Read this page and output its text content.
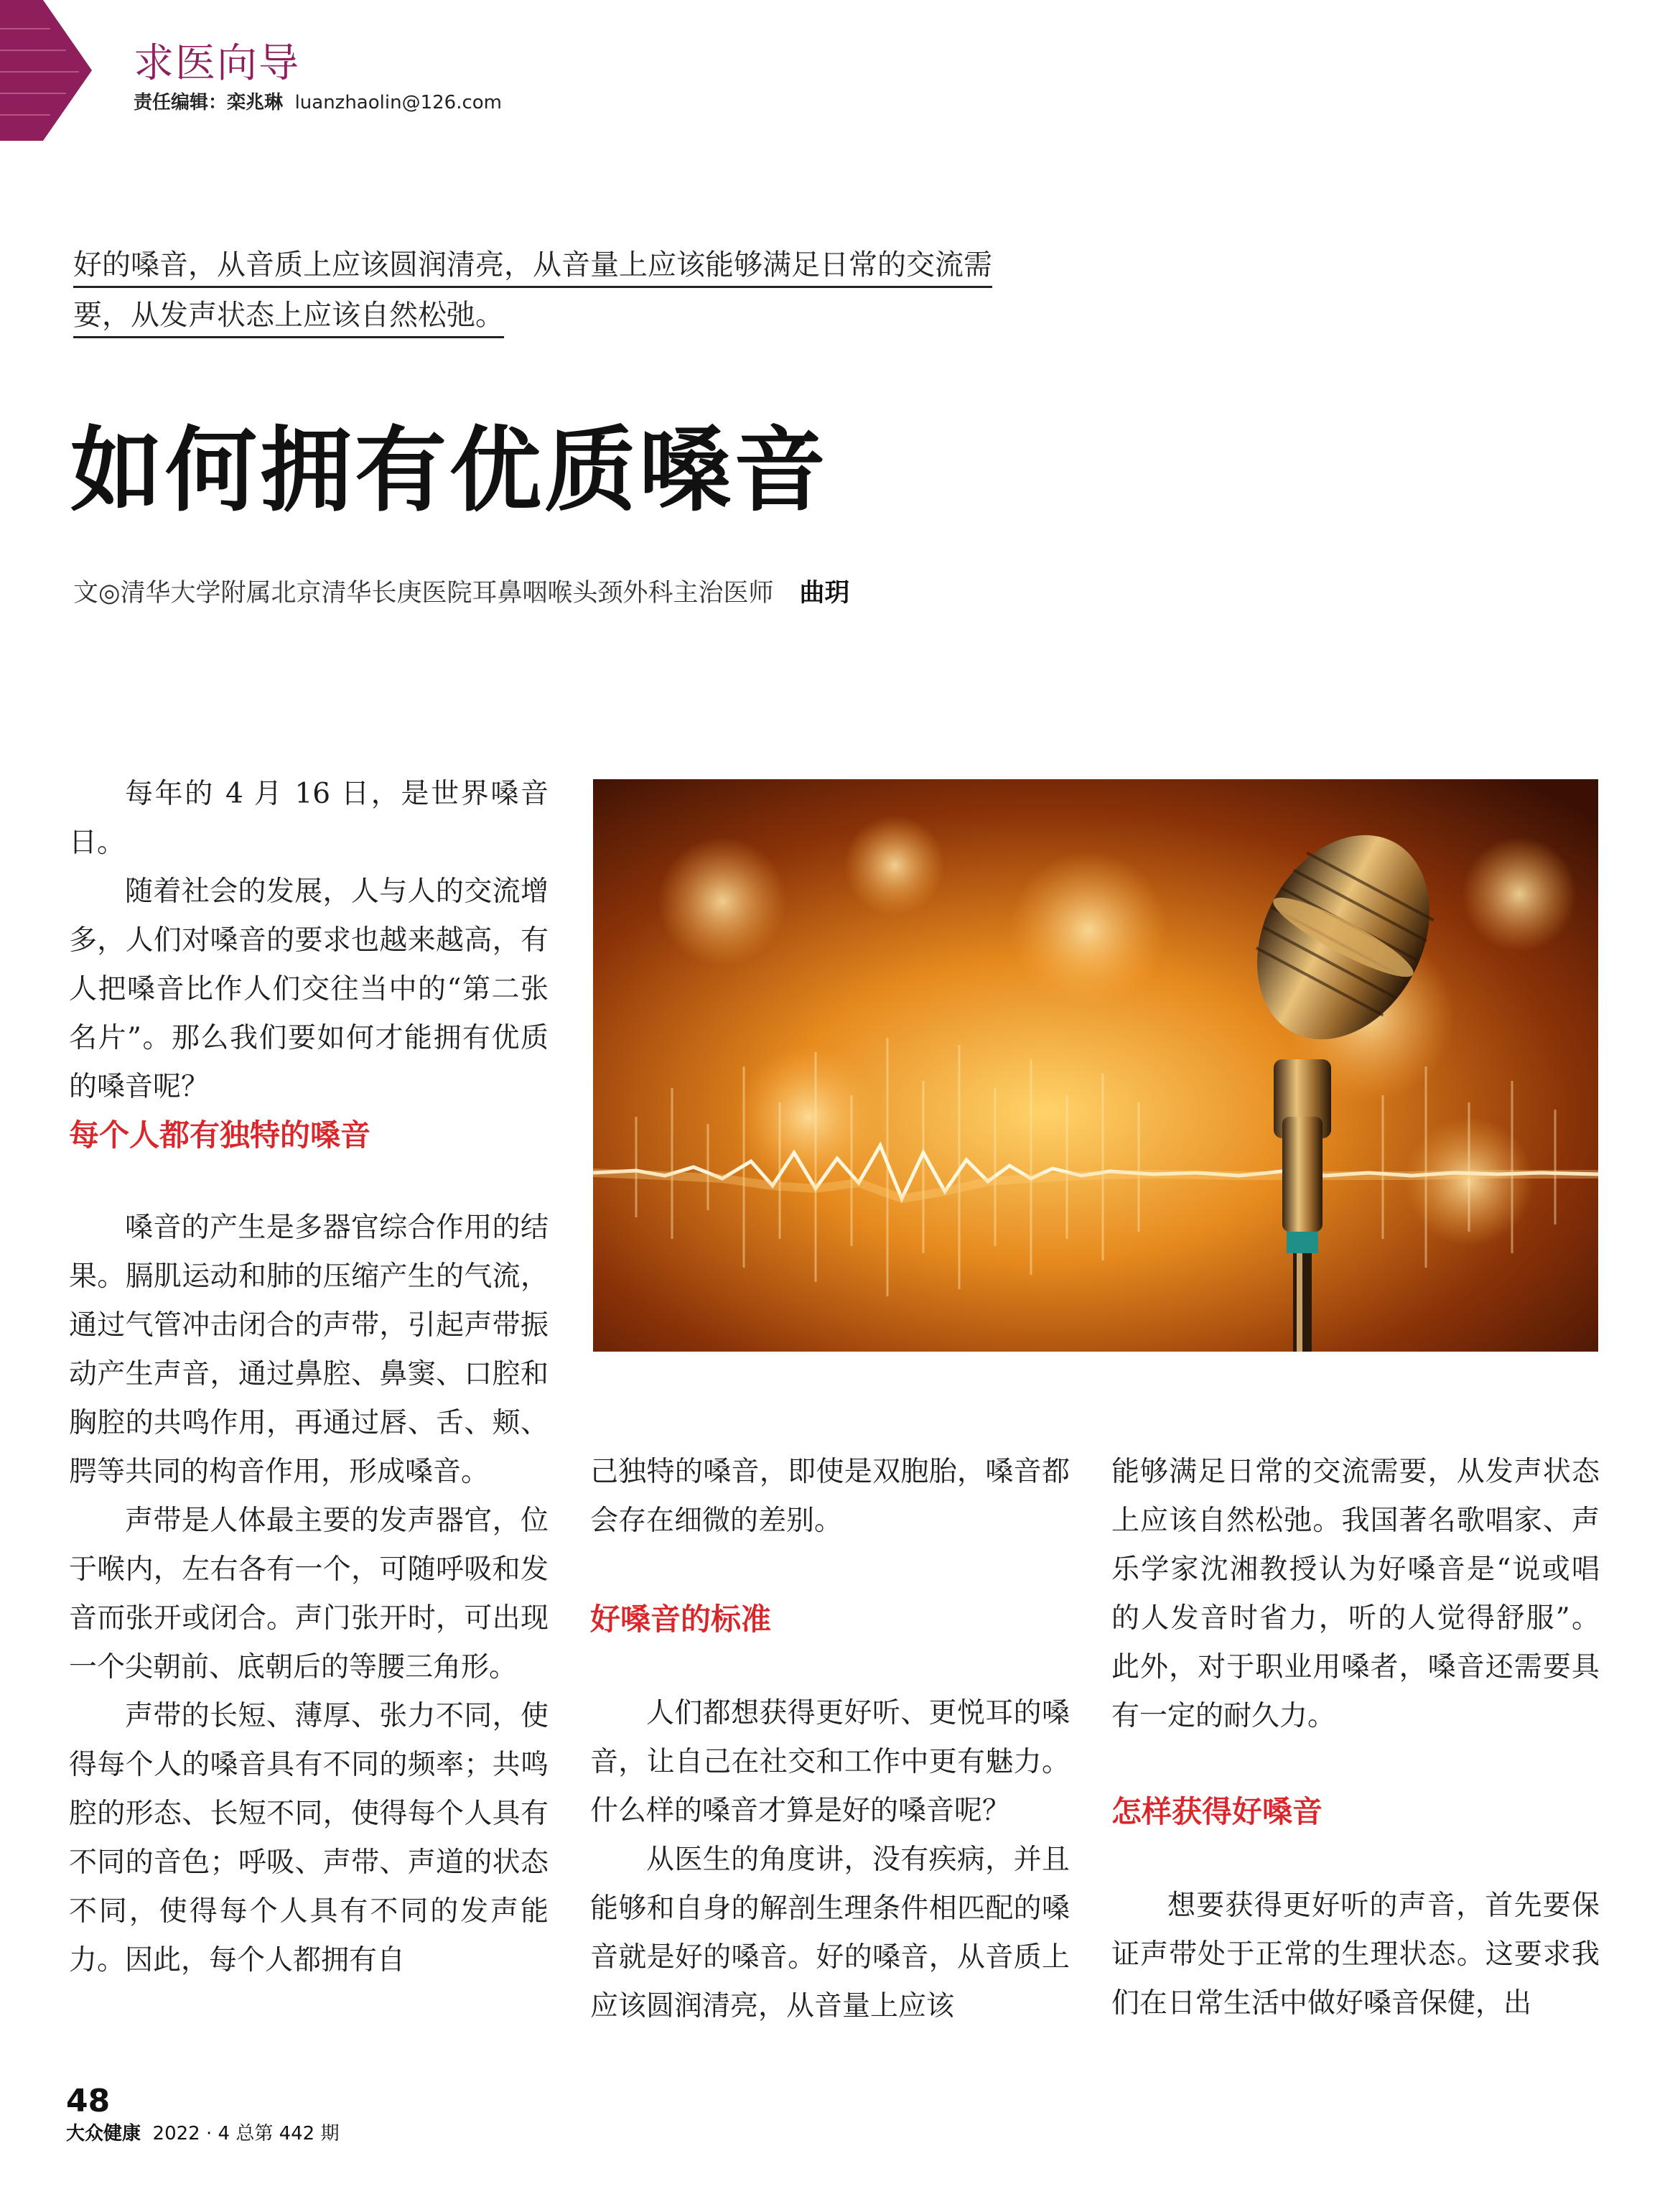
求医向导
责任编辑：栾兆琳 luanzhaolin@126.com
好的嗓音，从音质上应该圆润清亮，从音量上应该能够满足日常的交流需
要，从发声状态上应该自然松弛。
如何拥有优质嗓音
文◎清华大学附属北京清华长庚医院耳鼻咽喉头颈外科主治医师 曲玥

每年的 4 月 16 日，是世界嗓音日。

随着社会的发展，人与人的交流增多，人们对嗓音的要求也越来越高，有人把嗓音比作人们交往当中的“第二张名片”。那么我们要如何才能拥有优质的嗓音呢？

每个人都有独特的嗓音

嗓音的产生是多器官综合作用的结果。膈肌运动和肺的压缩产生的气流，通过气管冲击闭合的声带，引起声带振动产生声音，通过鼻腔、鼻窦、口腔和胸腔的共鸣作用，再通过唇、舌、颊、腭等共同的构音作用，形成嗓音。

声带是人体最主要的发声器官，位于喉内，左右各有一个，可随呼吸和发音而张开或闭合。声门张开时，可出现一个尖朝前、底朝后的等腰三角形。

声带的长短、薄厚、张力不同，使得每个人的嗓音具有不同的频率；共鸣腔的形态、长短不同，使得每个人具有不同的音色；呼吸、声带、声道的状态不同，使得每个人具有不同的发声能力。因此，每个人都拥有自

己独特的嗓音，即使是双胞胎，嗓音都会存在细微的差别。

好嗓音的标准

人们都想获得更好听、更悦耳的嗓音，让自己在社交和工作中更有魅力。什么样的嗓音才算是好的嗓音呢？

从医生的角度讲，没有疾病，并且能够和自身的解剖生理条件相匹配的嗓音就是好的嗓音。好的嗓音，从音质上应该圆润清亮，从音量上应该

能够满足日常的交流需要，从发声状态上应该自然松弛。我国著名歌唱家、声乐学家沈湘教授认为好嗓音是“说或唱的人发音时省力，听的人觉得舒服”。此外，对于职业用嗓者，嗓音还需要具有一定的耐久力。

怎样获得好嗓音

想要获得更好听的声音，首先要保证声带处于正常的生理状态。这要求我们在日常生活中做好嗓音保健，出

48
大众健康 2022 · 4 总第 442 期
